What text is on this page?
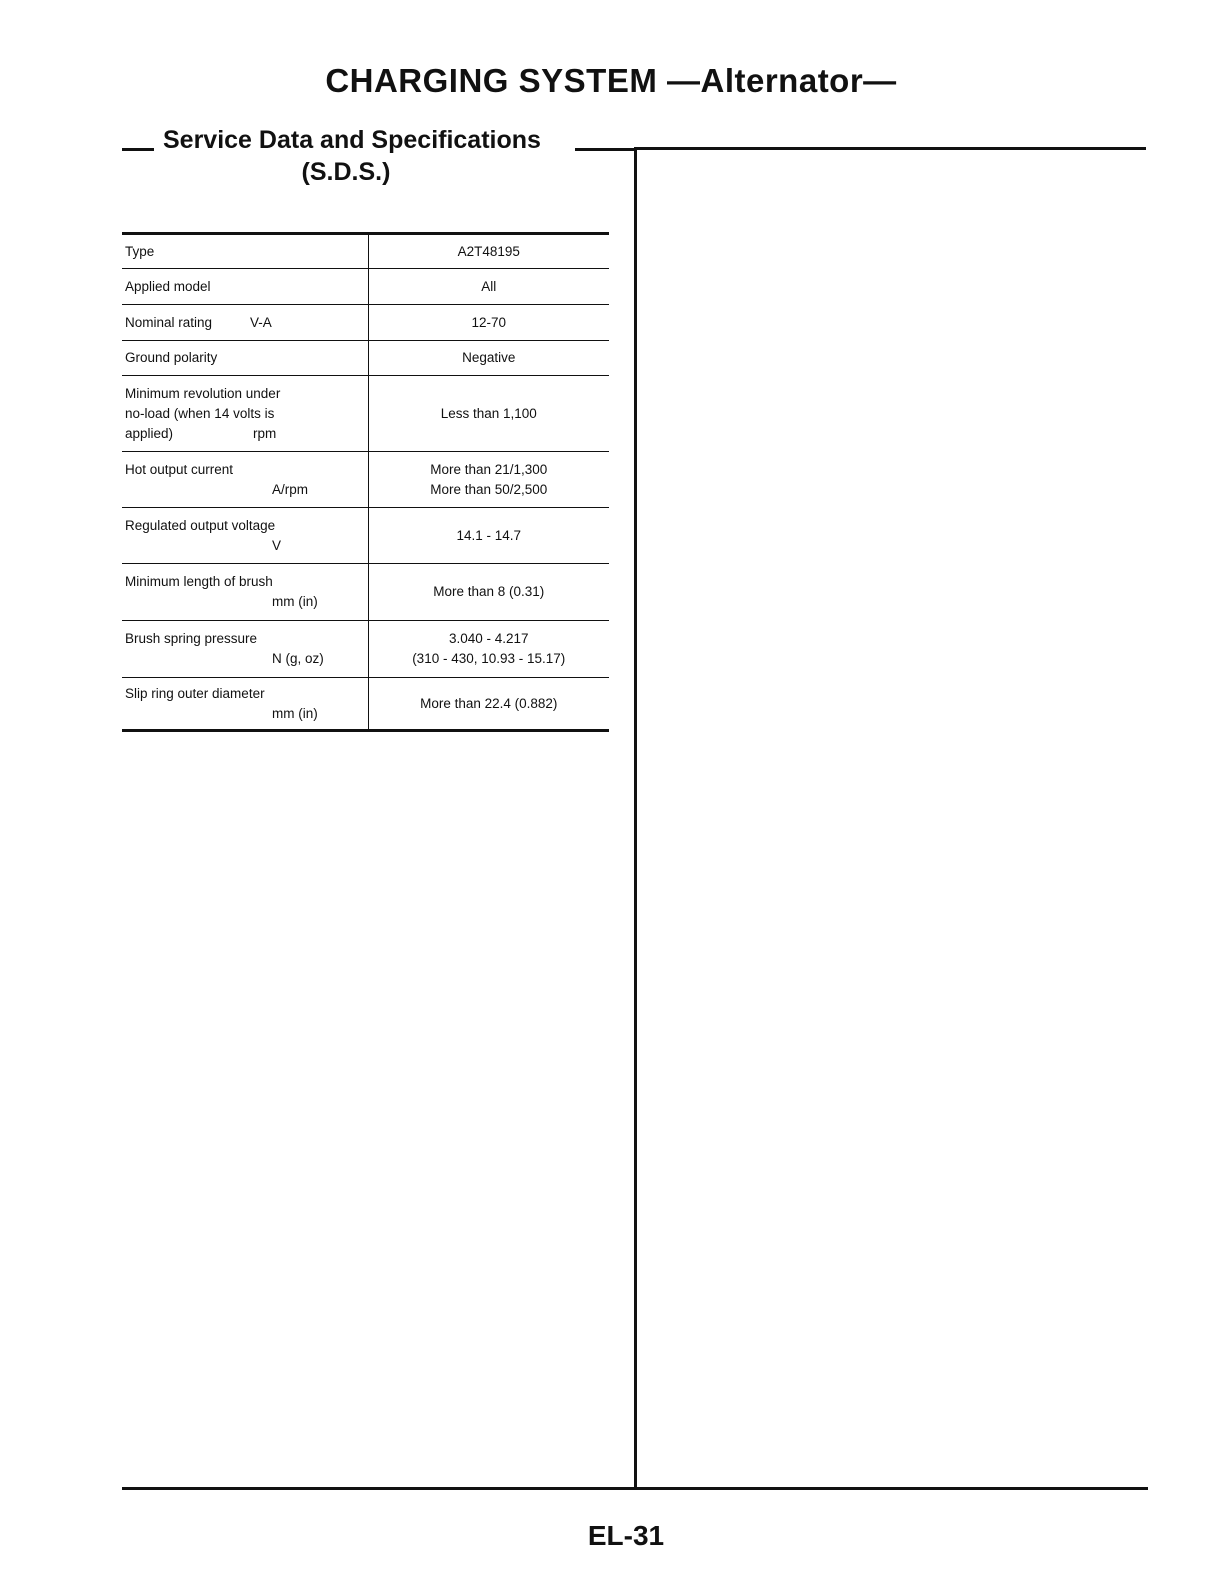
CHARGING SYSTEM —Alternator—
Service Data and Specifications
(S.D.S.)
Type	A2T48195
Applied model	All
Nominal rating V-A	12-70
Ground polarity	Negative

Minimum revolution under
no-load (when 14 volts is
applied) rpm	Less than 1,100

Hot output current
A/rpm	More than 21/1,300
More than 50/2,500

Regulated output voltage
V	14.1 - 14.7

Minimum length of brush
mm (in)	More than 8 (0.31)

Brush spring pressure
N (g, oz)	3.040 - 4.217
(310 - 430, 10.93 - 15.17)

Slip ring outer diameter
mm (in)	More than 22.4 (0.882)
EL-31
